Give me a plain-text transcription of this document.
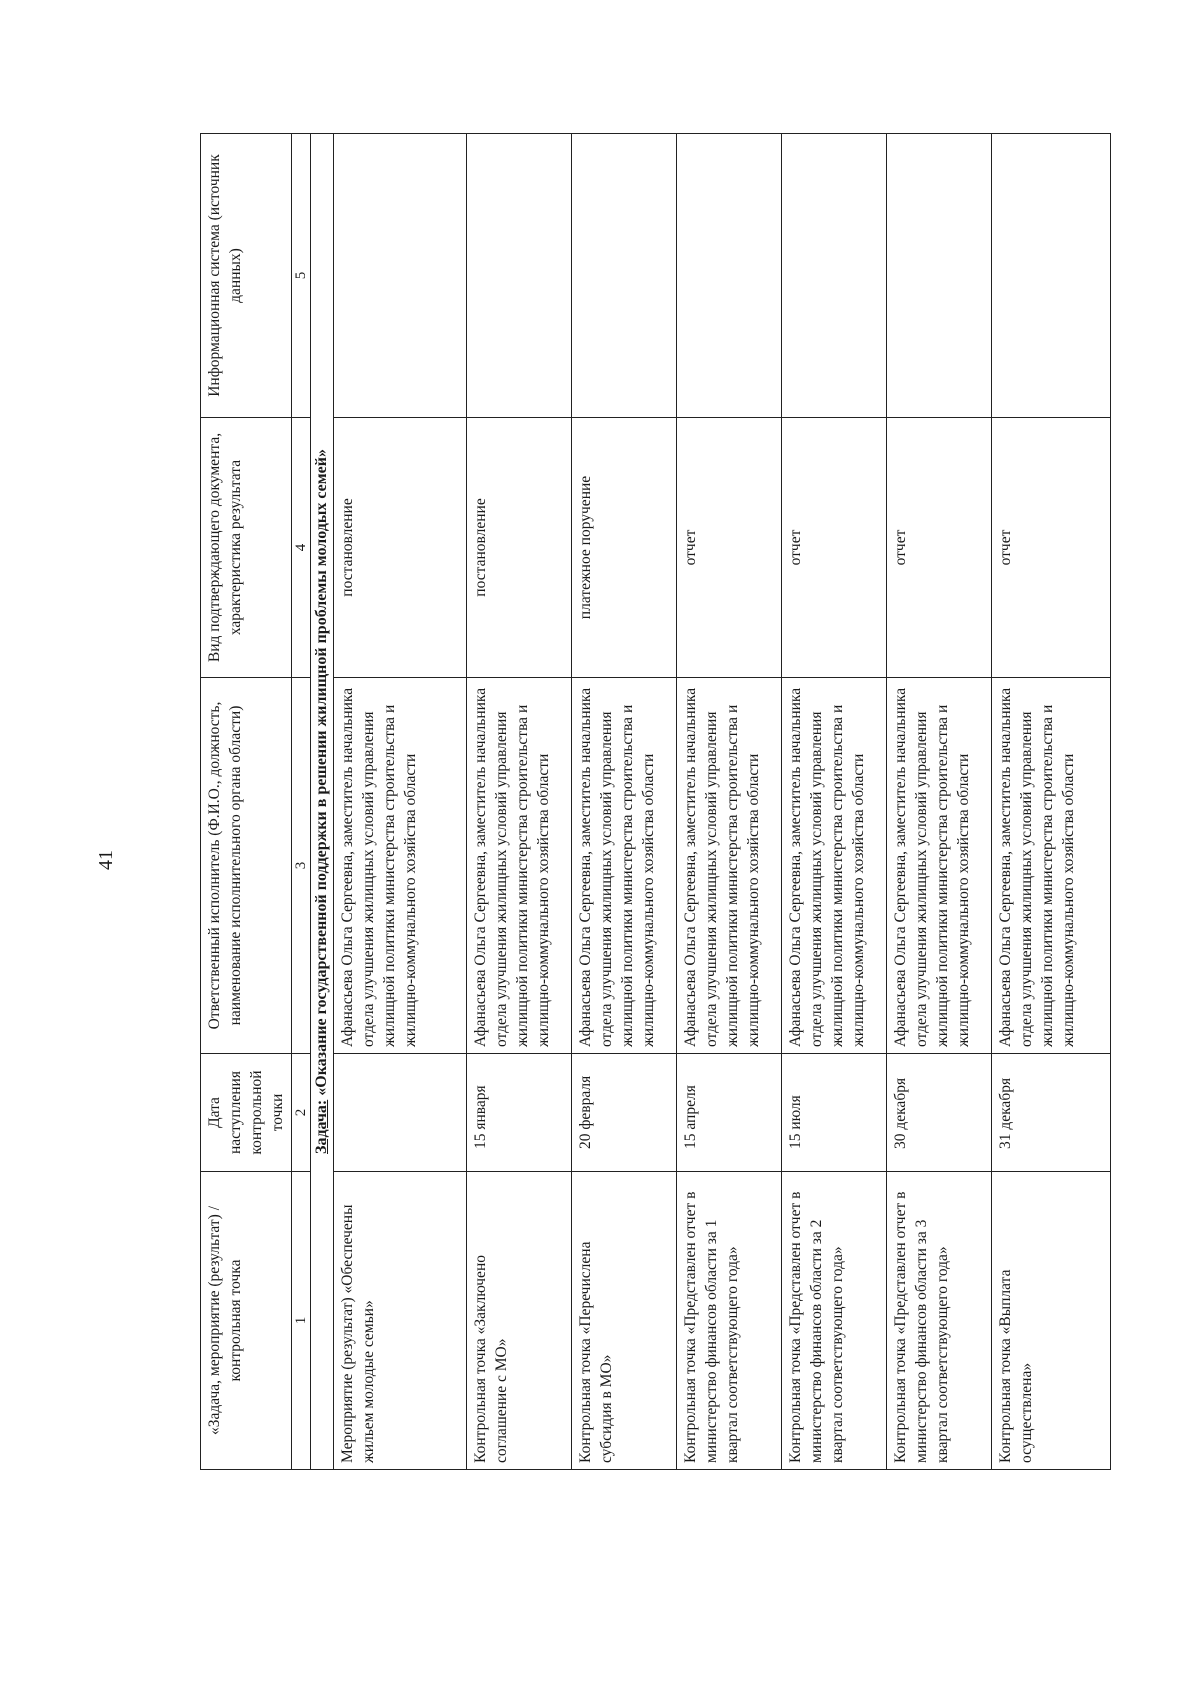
41
«Задача, мероприятие (результат) / контрольная точка	Дата наступления контрольной точки	Ответственный исполнитель (Ф.И.О., должность, наименование исполнительного органа области)	Вид подтверждающего документа, характеристика результата	Информационная система (источник данных)
1	2	3	4	5
Задача: «Оказание государственной поддержки в решении жилищной проблемы молодых семей»				
Мероприятие (результат) «Обеспечены жильем молодые семьи»		Афанасьева Ольга Сергеевна, заместитель начальника отдела улучшения жилищных условий управления жилищной политики министерства строительства и жилищно-коммунального хозяйства области	постановление	
Контрольная точка «Заключено соглашение с МО»	15 января	Афанасьева Ольга Сергеевна, заместитель начальника отдела улучшения жилищных условий управления жилищной политики министерства строительства и жилищно-коммунального хозяйства области	постановление	
Контрольная точка «Перечислена субсидия в МО»	20 февраля	Афанасьева Ольга Сергеевна, заместитель начальника отдела улучшения жилищных условий управления жилищной политики министерства строительства и жилищно-коммунального хозяйства области	платежное поручение	
Контрольная точка «Представлен отчет в министерство финансов области за 1 квартал соответствующего года»	15 апреля	Афанасьева Ольга Сергеевна, заместитель начальника отдела улучшения жилищных условий управления жилищной политики министерства строительства и жилищно-коммунального хозяйства области	отчет	
Контрольная точка «Представлен отчет в министерство финансов области за 2 квартал соответствующего года»	15 июля	Афанасьева Ольга Сергеевна, заместитель начальника отдела улучшения жилищных условий управления жилищной политики министерства строительства и жилищно-коммунального хозяйства области	отчет	
Контрольная точка «Представлен отчет в министерство финансов области за 3 квартал соответствующего года»	30 декабря	Афанасьева Ольга Сергеевна, заместитель начальника отдела улучшения жилищных условий управления жилищной политики министерства строительства и жилищно-коммунального хозяйства области	отчет	
Контрольная точка «Выплата осуществлена»	31 декабря	Афанасьева Ольга Сергеевна, заместитель начальника отдела улучшения жилищных условий управления жилищной политики министерства строительства и жилищно-коммунального хозяйства области	отчет	
